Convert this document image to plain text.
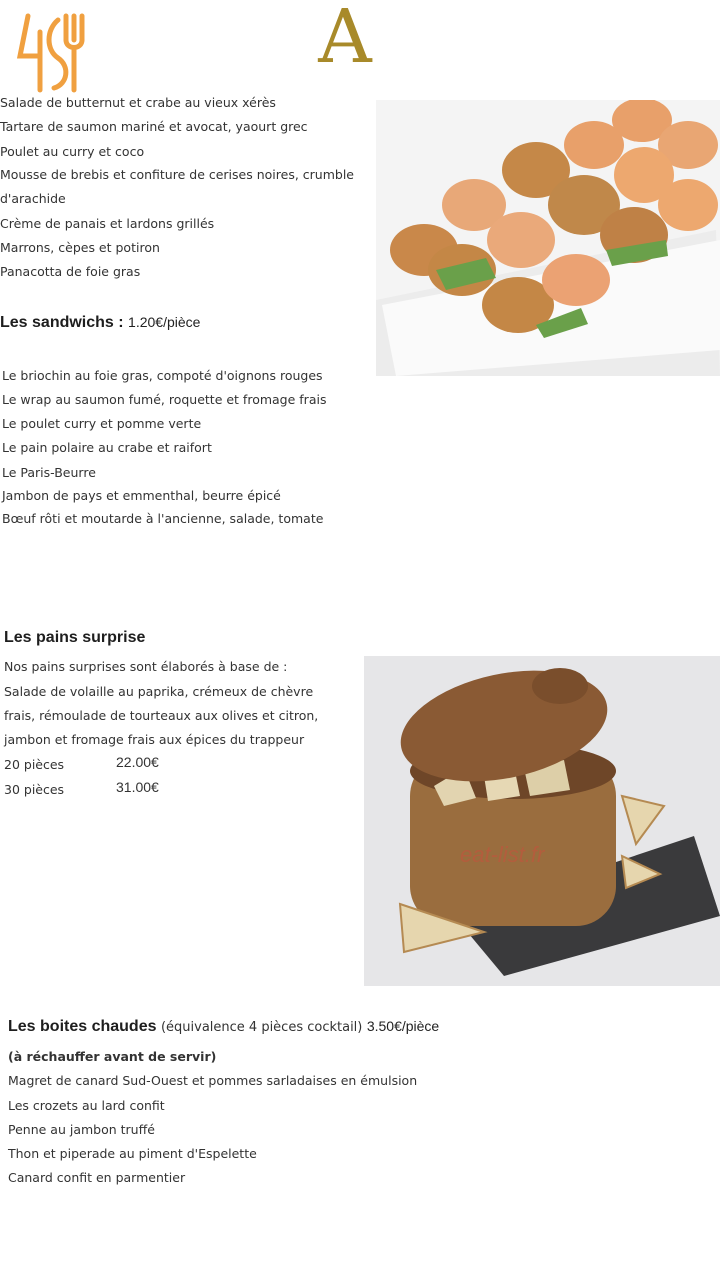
A
Salade de butternut et crabe au vieux xérès
Tartare de saumon mariné et avocat, yaourt grec
Poulet au curry et coco
Mousse de brebis et confiture de cerises noires, crumble
d'arachide
Crème de panais et lardons grillés
Marrons, cèpes et potiron
Panacotta de foie gras
Les sandwichs : 1.20€/pièce
Le briochin au foie gras, compoté d'oignons rouges
Le wrap au saumon fumé, roquette et fromage frais
Le poulet curry et pomme verte
Le pain polaire au crabe et raifort
Le Paris-Beurre
Jambon de pays et emmenthal, beurre épicé
Bœuf rôti et moutarde à l'ancienne, salade, tomate
Les pains surprise
Nos pains surprises sont élaborés à base de :
Salade de volaille au paprika, crémeux de chèvre
frais, rémoulade de tourteaux aux olives et citron,
jambon et fromage frais aux épices du trappeur
20 pièces	22.00€
30 pièces	31.00€
eat-list.fr
Les boites chaudes (équivalence 4 pièces cocktail) 3.50€/pièce
(à réchauffer avant de servir)
Magret de canard Sud-Ouest et pommes sarladaises en émulsion
Les crozets au lard confit
Penne au jambon truffé
Thon et piperade au piment d'Espelette
Canard confit en parmentier
